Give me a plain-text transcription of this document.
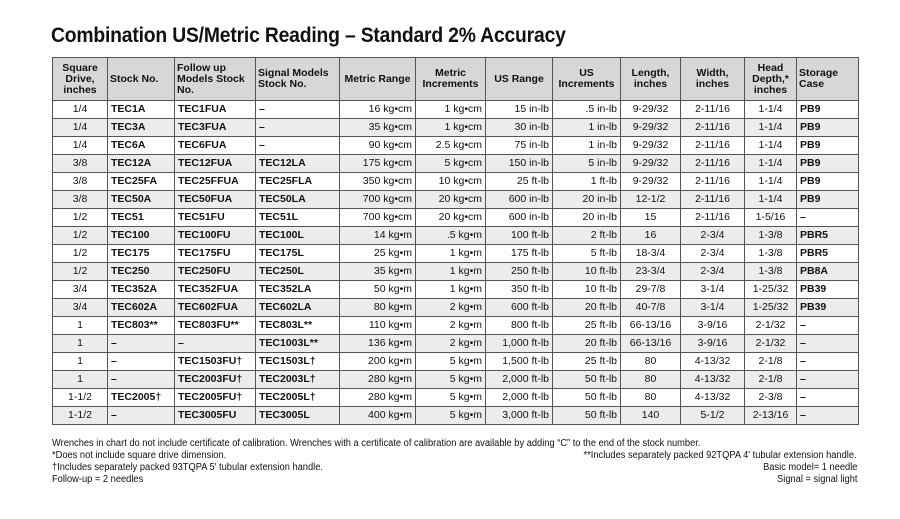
Combination US/Metric Reading – Standard 2% Accuracy
Square Drive, inches	Stock No.	Follow up Models Stock No.	Signal Models Stock No.	Metric Range	Metric Increments	US Range	US Increments	Length, inches	Width, inches	Head Depth,* inches	Storage Case
1/4	TEC1A	TEC1FUA	–	16 kg•cm	1 kg•cm	15 in-lb	.5 in-lb	9-29/32	2-11/16	1-1/4	PB9
1/4	TEC3A	TEC3FUA	–	35 kg•cm	1 kg•cm	30 in-lb	1 in-lb	9-29/32	2-11/16	1-1/4	PB9
1/4	TEC6A	TEC6FUA	–	90 kg•cm	2.5 kg•cm	75 in-lb	1 in-lb	9-29/32	2-11/16	1-1/4	PB9
3/8	TEC12A	TEC12FUA	TEC12LA	175 kg•cm	5 kg•cm	150 in-lb	5 in-lb	9-29/32	2-11/16	1-1/4	PB9
3/8	TEC25FA	TEC25FFUA	TEC25FLA	350 kg•cm	10 kg•cm	25 ft-lb	1 ft-lb	9-29/32	2-11/16	1-1/4	PB9
3/8	TEC50A	TEC50FUA	TEC50LA	700 kg•cm	20 kg•cm	600 in-lb	20 in-lb	12-1/2	2-11/16	1-1/4	PB9
1/2	TEC51	TEC51FU	TEC51L	700 kg•cm	20 kg•cm	600 in-lb	20 in-lb	15	2-11/16	1-5/16	–
1/2	TEC100	TEC100FU	TEC100L	14 kg•m	.5 kg•m	100 ft-lb	2 ft-lb	16	2-3/4	1-3/8	PBR5
1/2	TEC175	TEC175FU	TEC175L	25 kg•m	1 kg•m	175 ft-lb	5 ft-lb	18-3/4	2-3/4	1-3/8	PBR5
1/2	TEC250	TEC250FU	TEC250L	35 kg•m	1 kg•m	250 ft-lb	10 ft-lb	23-3/4	2-3/4	1-3/8	PB8A
3/4	TEC352A	TEC352FUA	TEC352LA	50 kg•m	1 kg•m	350 ft-lb	10 ft-lb	29-7/8	3-1/4	1-25/32	PB39
3/4	TEC602A	TEC602FUA	TEC602LA	80 kg•m	2 kg•m	600 ft-lb	20 ft-lb	40-7/8	3-1/4	1-25/32	PB39
1	TEC803**	TEC803FU**	TEC803L**	110 kg•m	2 kg•m	800 ft-lb	25 ft-lb	66-13/16	3-9/16	2-1/32	–
1	–	–	TEC1003L**	136 kg•m	2 kg•m	1,000 ft-lb	20 ft-lb	66-13/16	3-9/16	2-1/32	–
1	–	TEC1503FU†	TEC1503L†	200 kg•m	5 kg•m	1,500 ft-lb	25 ft-lb	80	4-13/32	2-1/8	–
1	–	TEC2003FU†	TEC2003L†	280 kg•m	5 kg•m	2,000 ft-lb	50 ft-lb	80	4-13/32	2-1/8	–
1-1/2	TEC2005†	TEC2005FU†	TEC2005L†	280 kg•m	5 kg•m	2,000 ft-lb	50 ft-lb	80	4-13/32	2-3/8	–
1-1/2	–	TEC3005FU	TEC3005L	400 kg•m	5 kg•m	3,000 ft-lb	50 ft-lb	140	5-1/2	2-13/16	–
Wrenches in chart do not include certificate of calibration. Wrenches with a certificate of calibration are available by adding “C” to the end of the stock number.
*Does not include square drive dimension.
†Includes separately packed 93TQPA 5' tubular extension handle.
Follow-up = 2 needles
**Includes separately packed 92TQPA 4' tubular extension handle.
Basic model= 1 needle
Signal = signal light
